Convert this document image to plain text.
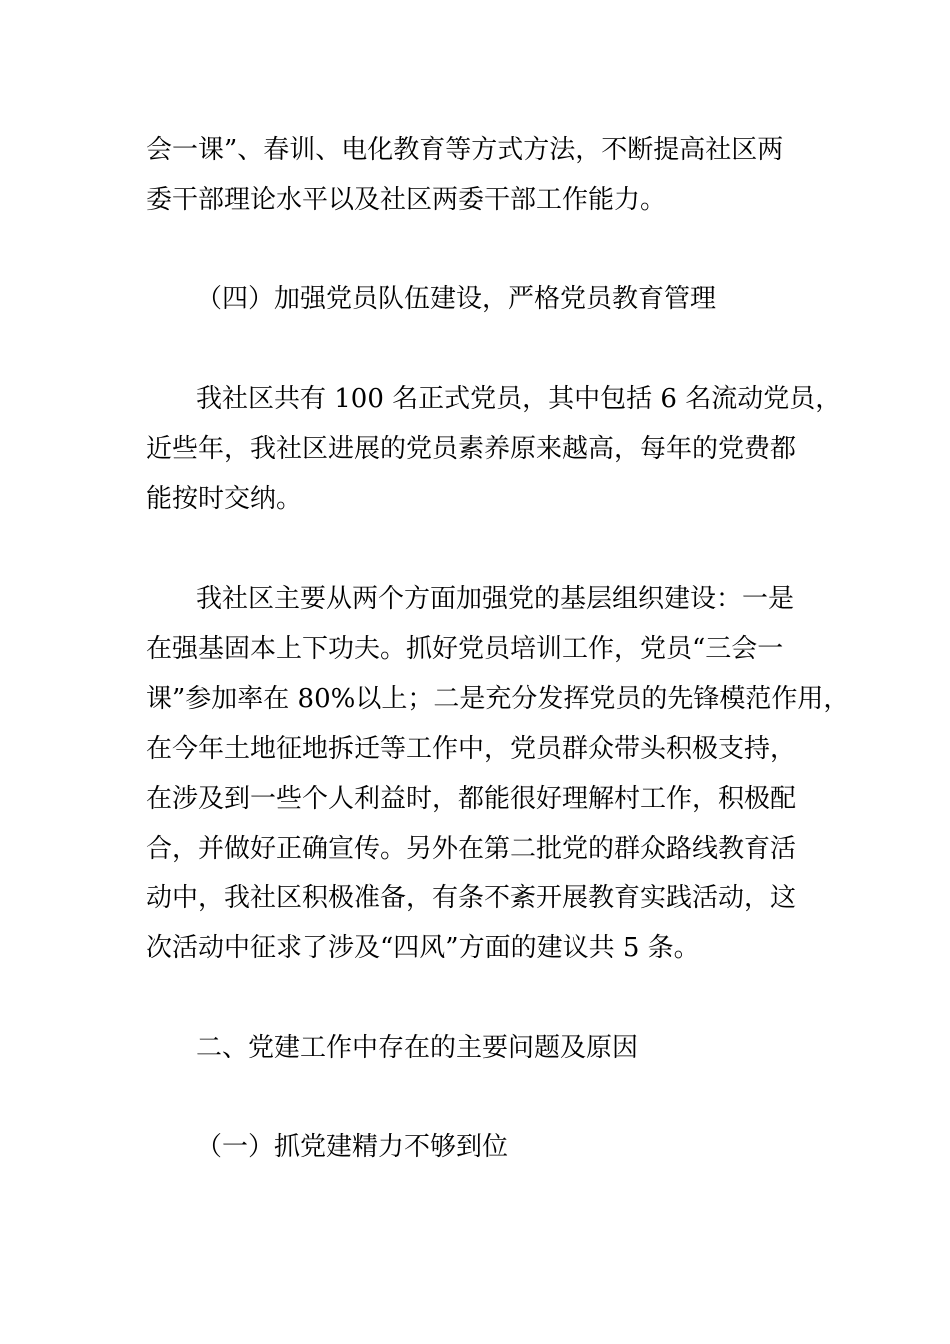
会一课”、春训、电化教育等方式方法，不断提高社区两
委干部理论水平以及社区两委干部工作能力。
（四）加强党员队伍建设，严格党员教育管理
我社区共有 100 名正式党员，其中包括 6 名流动党员，
近些年，我社区进展的党员素养原来越高，每年的党费都
能按时交纳。
我社区主要从两个方面加强党的基层组织建设：一是
在强基固本上下功夫。抓好党员培训工作，党员“三会一
课”参加率在 80%以上；二是充分发挥党员的先锋模范作用，
在今年土地征地拆迁等工作中，党员群众带头积极支持，
在涉及到一些个人利益时，都能很好理解村工作，积极配
合，并做好正确宣传。另外在第二批党的群众路线教育活
动中，我社区积极准备，有条不紊开展教育实践活动，这
次活动中征求了涉及“四风”方面的建议共 5 条。
二、党建工作中存在的主要问题及原因
（一）抓党建精力不够到位
